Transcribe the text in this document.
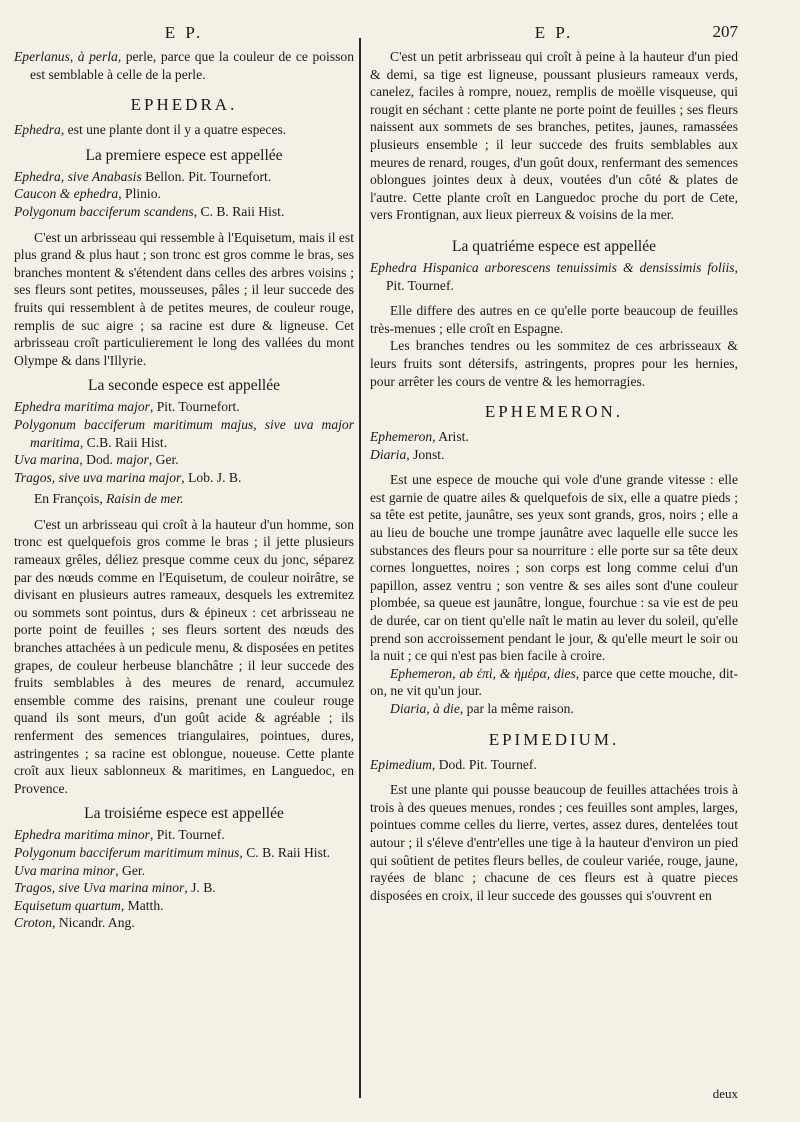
E P.

Eperlanus, à perla, perle, parce que la couleur de ce poisson est semblable à celle de la perle.

EPHEDRA.

Ephedra, est une plante dont il y a quatre especes.

La premiere espece est appellée

Ephedra, sive Anabasis Bellon. Pit. Tournefort.

Caucon & ephedra, Plinio.

Polygonum bacciferum scandens, C. B. Raii Hist.

C'est un arbrisseau qui ressemble à l'Equisetum, mais il est plus grand & plus haut ; son tronc est gros comme le bras, ses branches montent & s'étendent dans celles des arbres voisins ; ses fleurs sont petites, mousseuses, pâles ; il leur succede des fruits qui ressemblent à de petites meures, de couleur rouge, remplis de suc aigre ; sa racine est dure & ligneuse. Cet arbrisseau croît particulierement le long des vallées du mont Olympe & dans l'Illyrie.

La seconde espece est appellée

Ephedra maritima major, Pit. Tournefort.

Polygonum bacciferum maritimum majus, sive uva major maritima, C.B. Raii Hist.

Uva marina, Dod. major, Ger.

Tragos, sive uva marina major, Lob. J. B.

En François, Raisin de mer.

C'est un arbrisseau qui croît à la hauteur d'un homme, son tronc est quelquefois gros comme le bras ; il jette plusieurs rameaux grêles, déliez presque comme ceux du jonc, séparez par des nœuds comme en l'Equisetum, de couleur noirâtre, se divisant en plusieurs autres rameaux, desquels les extremitez ou sommets sont pointus, durs & épineux : cet arbrisseau ne porte point de feuilles ; ses fleurs sortent des nœuds des branches attachées à un pedicule menu, & disposées en petites grapes, de couleur herbeuse blanchâtre ; il leur succede des fruits semblables à des meures de renard, accumulez ensemble comme des raisins, prenant une couleur rouge quand ils sont meurs, d'un goût acide & agréable ; ils renferment des semences triangulaires, pointues, dures, astringentes ; sa racine est oblongue, noueuse. Cette plante croît aux lieux sablonneux & maritimes, en Languedoc, en Provence.

La troisiéme espece est appellée

Ephedra maritima minor, Pit. Tournef.

Polygonum bacciferum maritimum minus, C. B. Raii Hist.

Uva marina minor, Ger.

Tragos, sive Uva marina minor, J. B.

Equisetum quartum, Matth.

Croton, Nicandr. Ang.

E P.	207

C'est un petit arbrisseau qui croît à peine à la hauteur d'un pied & demi, sa tige est ligneuse, poussant plusieurs rameaux verds, canelez, faciles à rompre, nouez, remplis de moëlle visqueuse, qui rougit en séchant : cette plante ne porte point de feuilles ; ses fleurs naissent aux sommets de ses branches, petites, jaunes, ramassées plusieurs ensemble ; il leur succede des fruits semblables aux meures de renard, rouges, d'un goût doux, renfermant des semences oblongues jointes deux à deux, voutées d'un côté & plates de l'autre. Cette plante croît en Languedoc proche du port de Cete, vers Frontignan, aux lieux pierreux & voisins de la mer.

La quatriéme espece est appellée

Ephedra Hispanica arborescens tenuissimis & densissimis foliis, Pit. Tournef.

Elle differe des autres en ce qu'elle porte beaucoup de feuilles très-menues ; elle croît en Espagne.

Les branches tendres ou les sommitez de ces arbrisseaux & leurs fruits sont détersifs, astringents, propres pour les hernies, pour arrêter les cours de ventre & les hemorragies.

EPHEMERON.

Ephemeron, Arist.

Diaria, Jonst.

Est une espece de mouche qui vole d'une grande vitesse : elle est garnie de quatre ailes & quelquefois de six, elle a quatre pieds ; sa tête est petite, jaunâtre, ses yeux sont grands, gros, noirs ; elle a au lieu de bouche une trompe jaunâtre avec laquelle elle succe les substances des fleurs pour sa nourriture : elle porte sur sa tête deux cornes longuettes, noires ; son corps est long comme celui d'un papillon, assez ventru ; son ventre & ses ailes sont d'une couleur plombée, sa queue est jaunâtre, longue, fourchue : sa vie est de peu de durée, car on tient qu'elle naît le matin au lever du soleil, qu'elle prend son accroissement pendant le jour, & qu'elle meurt le soir ou la nuit ; ce qui n'est pas bien facile à croire.

Ephemeron, ab ἐπὶ, & ἡμέρα, dies, parce que cette mouche, dit-on, ne vit qu'un jour.

Diaria, à die, par la même raison.

EPIMEDIUM.

Epimedium, Dod. Pit. Tournef.

Est une plante qui pousse beaucoup de feuilles attachées trois à trois à des queues menues, rondes ; ces feuilles sont amples, larges, pointues comme celles du lierre, vertes, assez dures, dentelées tout autour ; il s'éleve d'entr'elles une tige à la hauteur d'environ un pied qui soûtient de petites fleurs belles, de couleur variée, rouge, jaune, rayées de blanc ; chacune de ces fleurs est à quatre pieces disposées en croix, il leur succede des gousses qui s'ouvrent en

deux
